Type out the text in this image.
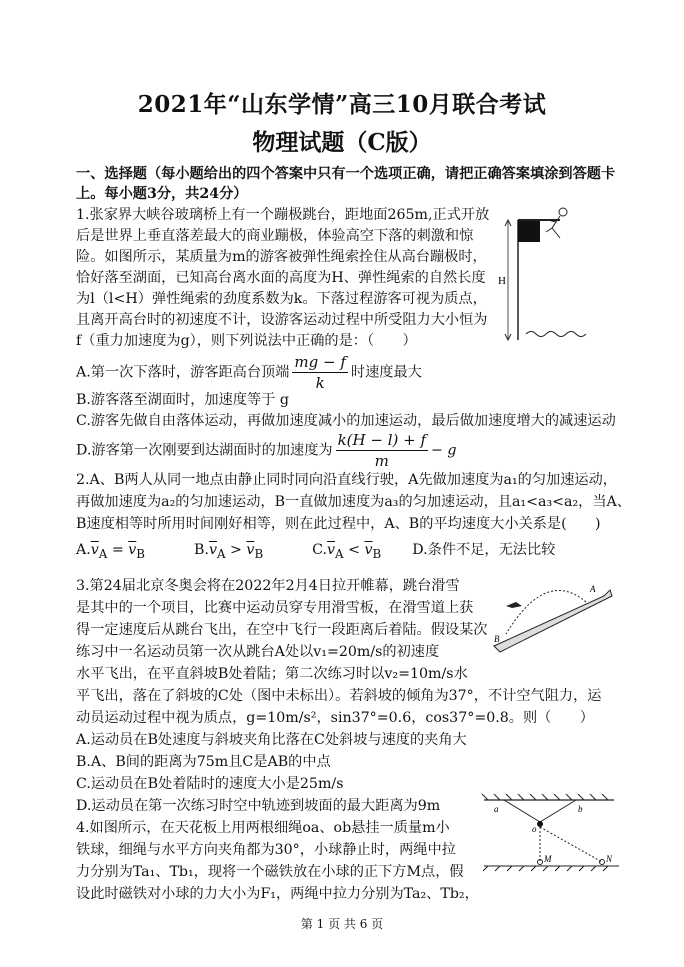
2021年“山东学情”高三10月联合考试
物理试题（C版）
一、选择题（每小题给出的四个答案中只有一个选项正确，请把正确答案填涂到答题卡
上。每小题3分，共24分）
1.张家界大峡谷玻璃桥上有一个蹦极跳台，距地面265m,正式开放
后是世界上垂直落差最大的商业蹦极，体验高空下落的刺激和惊
险。如图所示，某质量为m的游客被弹性绳索拴住从高台蹦极时，
恰好落至湖面，已知高台离水面的高度为H、弹性绳索的自然长度
为l（l<H）弹性绳索的劲度系数为k。下落过程游客可视为质点，
且离开高台时的初速度不计，设游客运动过程中所受阻力大小恒为
f（重力加速度为g），则下列说法中正确的是：（　　）
A.第一次下落时，游客距高台顶端 $\frac{mg - f}{k}$ 时速度最大
B.游客落至湖面时，加速度等于 g
C.游客先做自由落体运动，再做加速度减小的加速运动，最后做加速度增大的减速运动
D.游客第一次刚要到达湖面时的加速度为 $\frac{k(H - l) + f}{m} - g$
H
2.A、B两人从同一地点由静止同时同向沿直线行驶，A先做加速度为a₁的匀加速运动，
再做加速度为a₂的匀加速运动，B一直做加速度为a₃的匀加速运动，且a₁<a₃<a₂，当A、
B速度相等时所用时间刚好相等，则在此过程中，A、B的平均速度大小关系是(　　)
$A.\overline{v}_A = \overline{v}_B$	$B.\overline{v}_A > \overline{v}_B$	$C.\overline{v}_A < \overline{v}_B$ D.条件不足，无法比较
3.第24届北京冬奥会将在2022年2月4日拉开帷幕，跳台滑雪
是其中的一个项目，比赛中运动员穿专用滑雪板，在滑雪道上获
得一定速度后从跳台飞出，在空中飞行一段距离后着陆。假设某次
练习中一名运动员第一次从跳台A处以v₁=20m/s的初速度
水平飞出，在平直斜坡B处着陆；第二次练习时以v₂=10m/s水
平飞出，落在了斜坡的C处（图中未标出）。若斜坡的倾角为37°，不计空气阻力，运
动员运动过程中视为质点，g=10m/s²，sin37°=0.6，cos37°=0.8。则（　　）
A.运动员在B处速度与斜坡夹角比落在C处斜坡与速度的夹角大
B.A、B间的距离为75m且C是AB的中点
C.运动员在B处着陆时的速度大小是25m/s
D.运动员在第一次练习时空中轨迹到坡面的最大距离为9m
B
A
4.如图所示，在天花板上用两根细绳oa、ob悬挂一质量m小
铁球，细绳与水平方向夹角都为30°，小球静止时，两绳中拉
力分别为Ta₁、Tb₁，现将一个磁铁放在小球的正下方M点，假
设此时磁铁对小球的力大小为F₁，两绳中拉力分别为Ta₂、Tb₂，
a	b
o
M	N
第 1 页 共 6 页
